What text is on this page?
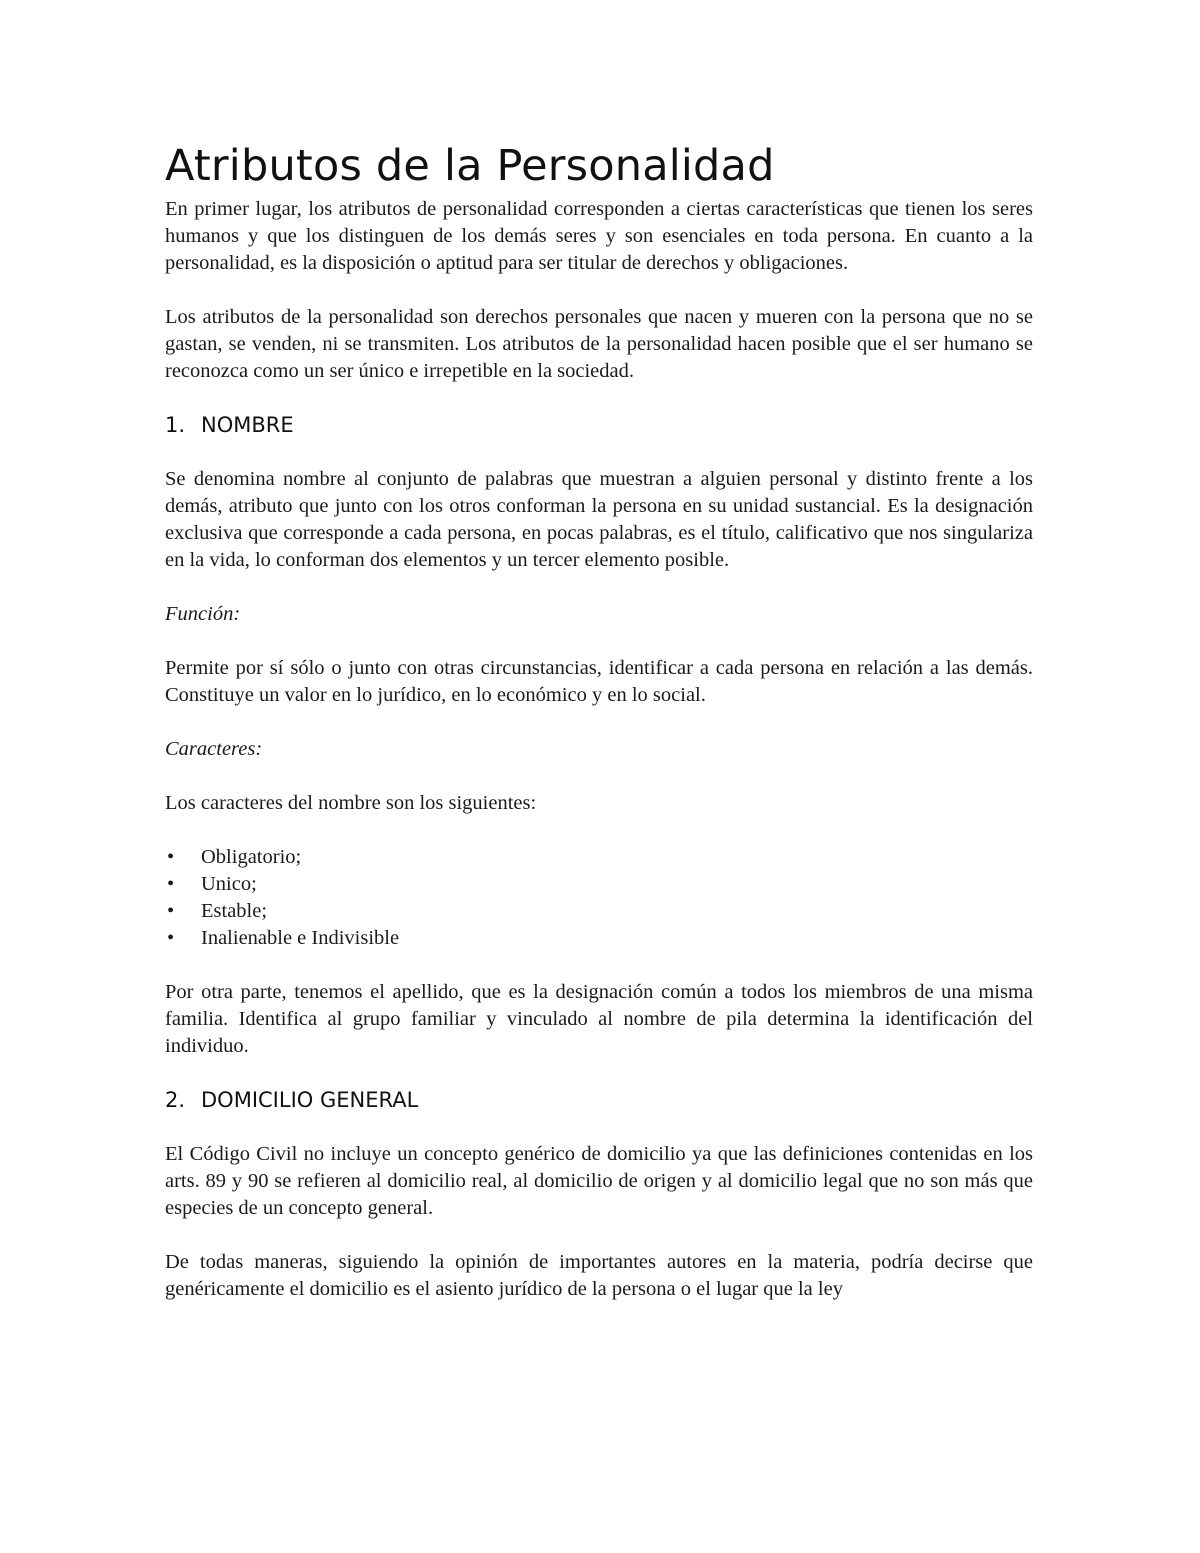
Atributos de la Personalidad

En primer lugar, los atributos de personalidad corresponden a ciertas características que tienen los seres humanos y que los distinguen de los demás seres y son esenciales en toda persona. En cuanto a la personalidad, es la disposición o aptitud para ser titular de derechos y obligaciones.

Los atributos de la personalidad son derechos personales que nacen y mueren con la persona que no se gastan, se venden, ni se transmiten. Los atributos de la personalidad hacen posible que el ser humano se reconozca como un ser único e irrepetible en la sociedad.

1. NOMBRE

Se denomina nombre al conjunto de palabras que muestran a alguien personal y distinto frente a los demás, atributo que junto con los otros conforman la persona en su unidad sustancial. Es la designación exclusiva que corresponde a cada persona, en pocas palabras, es el título, calificativo que nos singulariza en la vida, lo conforman dos elementos y un tercer elemento posible.

Función:

Permite por sí sólo o junto con otras circunstancias, identificar a cada persona en relación a las demás. Constituye un valor en lo jurídico, en lo económico y en lo social.

Caracteres:

Los caracteres del nombre son los siguientes:

• Obligatorio;
• Unico;
• Estable;
• Inalienable e Indivisible

Por otra parte, tenemos el apellido, que es la designación común a todos los miembros de una misma familia. Identifica al grupo familiar y vinculado al nombre de pila determina la identificación del individuo.

2. DOMICILIO GENERAL

El Código Civil no incluye un concepto genérico de domicilio ya que las definiciones contenidas en los arts. 89 y 90 se refieren al domicilio real, al domicilio de origen y al domicilio legal que no son más que especies de un concepto general.

De todas maneras, siguiendo la opinión de importantes autores en la materia, podría decirse que genéricamente el domicilio es el asiento jurídico de la persona o el lugar que la ley
